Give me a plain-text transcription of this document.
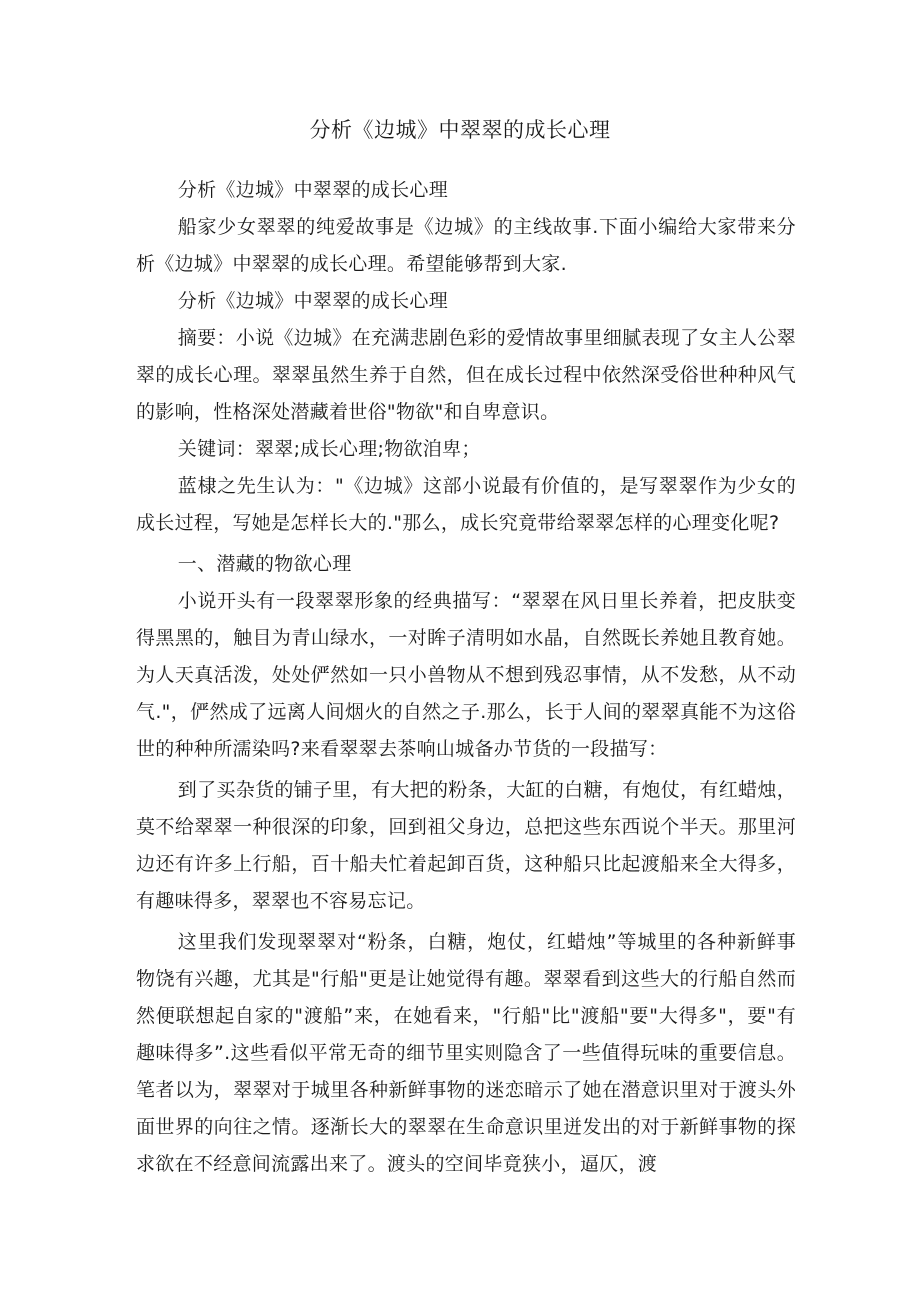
分析《边城》中翠翠的成长心理

分析《边城》中翠翠的成长心理

船家少女翠翠的纯爱故事是《边城》的主线故事.下面小编给大家带来分析《边城》中翠翠的成长心理。希望能够帮到大家.

分析《边城》中翠翠的成长心理

摘要：小说《边城》在充满悲剧色彩的爱情故事里细腻表现了女主人公翠翠的成长心理。翠翠虽然生养于自然，但在成长过程中依然深受俗世种种风气的影响，性格深处潜藏着世俗"物欲"和自卑意识。

关键词：翠翠;成长心理;物欲洎卑；

蓝棣之先生认为："《边城》这部小说最有价值的，是写翠翠作为少女的成长过程，写她是怎样长大的."那么，成长究竟带给翠翠怎样的心理变化呢?

一、潜藏的物欲心理

小说开头有一段翠翠形象的经典描写：“翠翠在风日里长养着，把皮肤变得黑黑的，触目为青山绿水，一对眸子清明如水晶，自然既长养她且教育她。为人天真活泼，处处俨然如一只小兽物从不想到残忍事情，从不发愁，从不动气."，俨然成了远离人间烟火的自然之子.那么，长于人间的翠翠真能不为这俗世的种种所濡染吗?来看翠翠去茶响山城备办节货的一段描写：

到了买杂货的铺子里，有大把的粉条，大缸的白糖，有炮仗，有红蜡烛，莫不给翠翠一种很深的印象，回到祖父身边，总把这些东西说个半天。那里河边还有许多上行船，百十船夫忙着起卸百货，这种船只比起渡船来全大得多，有趣味得多，翠翠也不容易忘记。

这里我们发现翠翠对“粉条，白糖，炮仗，红蜡烛”等城里的各种新鲜事物饶有兴趣，尤其是"行船"更是让她觉得有趣。翠翠看到这些大的行船自然而然便联想起自家的"渡船”来，在她看来，"行船"比"渡船"要"大得多"，要"有趣味得多”.这些看似平常无奇的细节里实则隐含了一些值得玩味的重要信息。笔者以为，翠翠对于城里各种新鲜事物的迷恋暗示了她在潜意识里对于渡头外面世界的向往之情。逐渐长大的翠翠在生命意识里迸发出的对于新鲜事物的探求欲在不经意间流露出来了。渡头的空间毕竟狭小，逼仄，渡
